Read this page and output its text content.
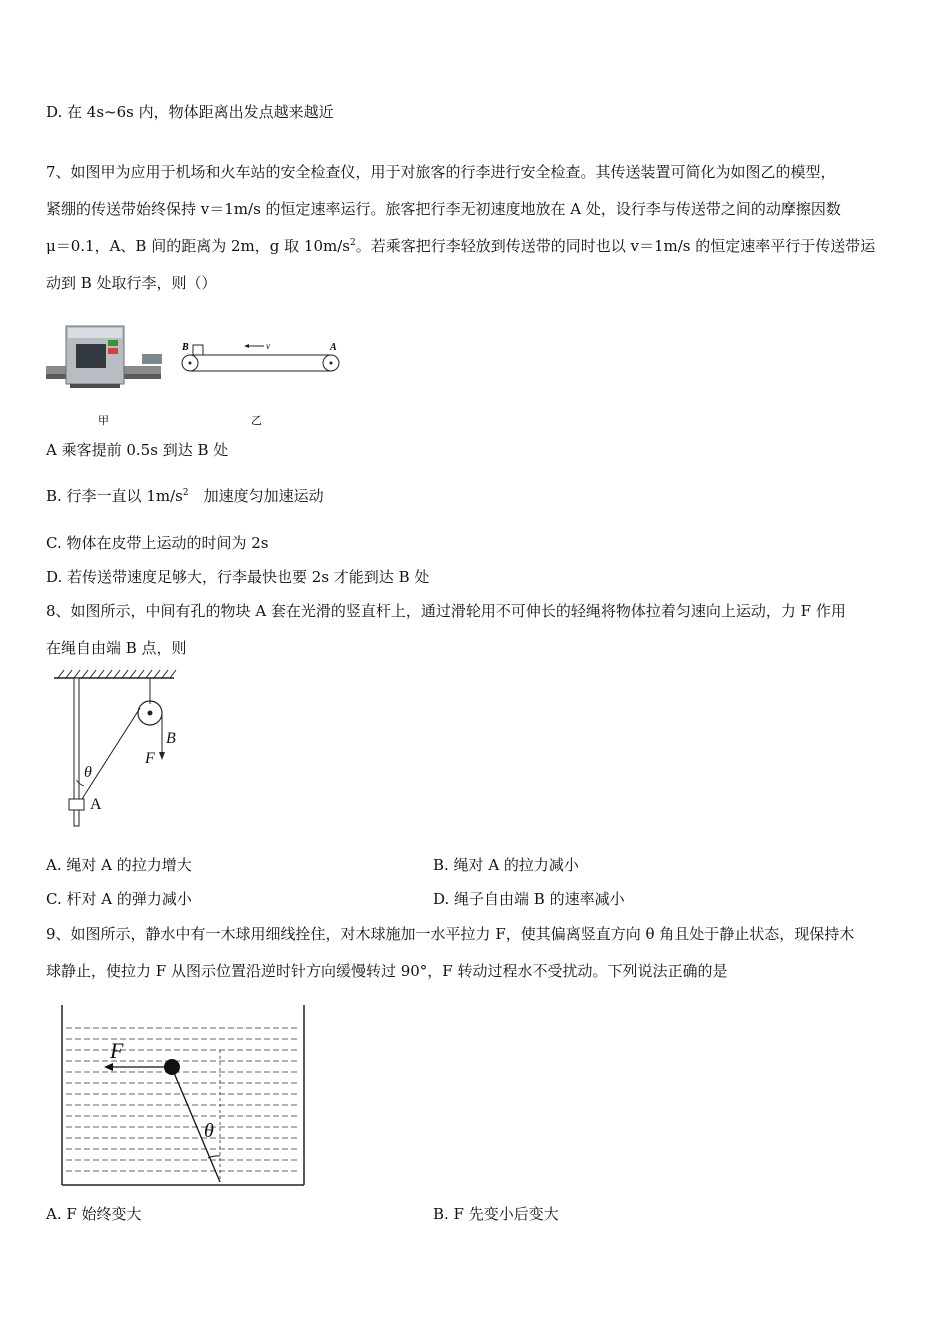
D. 在 4s~6s 内，物体距离出发点越来越近
7、如图甲为应用于机场和火车站的安全检查仪，用于对旅客的行李进行安全检查。其传送装置可简化为如图乙的模型，
紧绷的传送带始终保持 v＝1m/s 的恒定速率运行。旅客把行李无初速度地放在 A 处，设行李与传送带之间的动摩擦因数
μ＝0.1，A、B 间的距离为 2m，g 取 $10m/s^2$。若乘客把行李轻放到传送带的同时也以 v＝1m/s 的恒定速率平行于传送带运
动到 B 处取行李，则（）
甲
B	v	A
乙
A 乘客提前 0.5s 到达 B 处
B. 行李一直以 $1m/s^2$　加速度匀加速运动
C. 物体在皮带上运动的时间为 2s
D. 若传送带速度足够大，行李最快也要 2s 才能到达 B 处
8、如图所示，中间有孔的物块 A 套在光滑的竖直杆上，通过滑轮用不可伸长的轻绳将物体拉着匀速向上运动，力 F 作用
在绳自由端 B 点，则
θ
A
B
F
A. 绳对 A 的拉力增大	B. 绳对 A 的拉力减小
C. 杆对 A 的弹力减小	D. 绳子自由端 B 的速率减小
9、如图所示，静水中有一木球用细线拴住，对木球施加一水平拉力 F，使其偏离竖直方向 θ 角且处于静止状态，现保持木
球静止，使拉力 F 从图示位置沿逆时针方向缓慢转过 90°，F 转动过程水不受扰动。下列说法正确的是
F
θ
A. F 始终变大	B. F 先变小后变大
